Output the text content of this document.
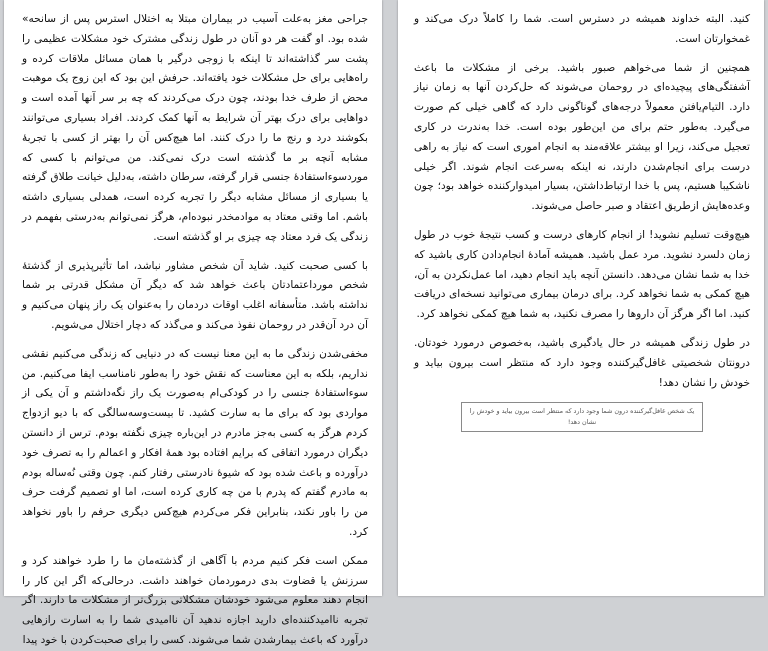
جراحی مغز به‌علت آسیب در بیماران مبتلا به اختلال استرس پس از سانحه» شده بود. او گفت هر دو آنان در طول زندگی مشترک خود مشکلات عظیمی را پشت سر گذاشته‌اند تا اینکه با زوجی درگیر با همان مسائل ملاقات کرده و راه‌هایی برای حل مشکلات خود یافته‌اند. حرفش این بود که این زوج یک موهبت محض از طرف خدا بودند، چون درک می‌کردند که چه بر سر آنها آمده است و دواهایی برای درک بهتر آن شرایط به آنها کمک کردند. افراد بسیاری می‌توانند بکوشند درد و رنج ما را درک کنند. اما هیچ‌کس آن را بهتر از کسی با تجربهٔ مشابه آنچه بر ما گذشته است درک نمی‌کند. من می‌توانم با کسی که موردسوءاستفادهٔ جنسی قرار گرفته، سرطان داشته، به‌دلیل خیانت طلاق گرفته یا بسیاری از مسائل مشابه دیگر را تجربه کرده است، همدلی بسیاری داشته باشم. اما وقتی معتاد به موادمخدر نبوده‌ام، هرگز نمی‌توانم به‌درستی بفهمم در زندگی یک فرد معتاد چه چیزی بر او گذشته است.

با کسی صحبت کنید. شاید آن شخص مشاور نباشد، اما تأثیرپذیری از گذشتهٔ شخص مورداعتمادتان باعث خواهد شد که دیگر آن مشکل قدرتی بر شما نداشته باشد. متأسفانه اغلب اوقات دردمان را به‌عنوان یک راز پنهان می‌کنیم و آن درد آن‌قدر در روحمان نفوذ می‌کند و می‌گذد که دچار اختلال می‌شویم.

مخفی‌شدن زندگی ما به این معنا نیست که در دنیایی که زندگی می‌کنیم نقشی نداریم، بلکه به این معناست که نقش خود را به‌طور نامناسب ایفا می‌کنیم. من سوءاستفادهٔ جنسی را در کودکی‌ام به‌صورت یک راز نگه‌داشتم و آن یکی از مواردی بود که برای ما به سارت کشید. تا بیست‌وسه‌سالگی که با دیو ازدواج کردم هرگز به کسی به‌جز مادرم در این‌باره چیزی نگفته بودم. ترس از دانستن دیگران درمورد اتفاقی که برایم افتاده بود همهٔ افکار و اعمالم را به تصرف خود درآورده و باعث شده بود که شیوهٔ نادرستی رفتار کنم. چون وقتی نُه‌ساله بودم به مادرم گفتم که پدرم با من چه کاری کرده است، اما او تصمیم گرفت حرف من را باور نکند، بنابراین فکر می‌کردم هیچ‌کس دیگری حرفم را باور نخواهد کرد.

ممکن است فکر کنیم مردم با آگاهی از گذشته‌مان ما را طرد خواهند کرد و سرزنش یا قضاوت بدی درموردمان خواهند داشت. درحالی‌که اگر این کار را انجام دهند معلوم می‌شود خودشان مشکلاتی بزرگ‌تر از مشکلات ما دارند. اگر تجربه ناامیدکننده‌ای دارید اجازه ندهید آن ناامیدی شما را به اسارت رازهایی درآورد که باعث بیمارشدن شما می‌شوند. کسی را برای صحبت‌کردن با خود پیدا

کنید. البته خداوند همیشه در دسترس است. شما را کاملاً درک می‌کند و غمخوارتان است.

همچنین از شما می‌خواهم صبور باشید. برخی از مشکلات ما باعث آشفتگی‌های پیچیده‌ای در روحمان می‌شوند که حل‌کردن آنها به زمان نیاز دارد. التیام‌یافتن معمولاً درجه‌های گوناگونی دارد که گاهی خیلی کم صورت می‌گیرد. به‌طور حتم برای من این‌طور بوده است. خدا به‌ندرت در کاری تعجیل می‌کند، زیرا او بیشتر علاقه‌مند به انجام اموری است که نیاز به راهی درست برای انجام‌شدن دارند، نه اینکه به‌سرعت انجام شوند. اگر خیلی ناشکیبا هستیم، پس با خدا ارتباط‌داشتن، بسیار امیدوارکننده خواهد بود؛ چون وعده‌هایش ازطریق اعتقاد و صبر حاصل می‌شوند.

هیچ‌وقت تسلیم نشوید! از انجام کارهای درست و کسب نتیجهٔ خوب در طول زمان دلسرد نشوید. مرد عمل باشید. همیشه آمادهٔ انجام‌دادن کاری باشید که خدا به شما نشان می‌دهد. دانستن آنچه باید انجام دهید، اما عمل‌نکردن به آن، هیچ کمکی به شما نخواهد کرد. برای درمان بیماری می‌توانید نسخه‌ای دریافت کنید. اما اگر هرگز آن داروها را مصرف نکنید، به شما هیچ کمکی نخواهد کرد.

در طول زندگی همیشه در حال یادگیری باشید، به‌خصوص درمورد خودتان. درونتان شخصیتی غافل‌گیرکننده وجود دارد که منتظر است بیرون بیاید و خودش را نشان دهد!

یک شخص غافل‌گیرکننده درون شما وجود دارد که منتظر است بیرون بیاید و خودش را نشان دهد!
